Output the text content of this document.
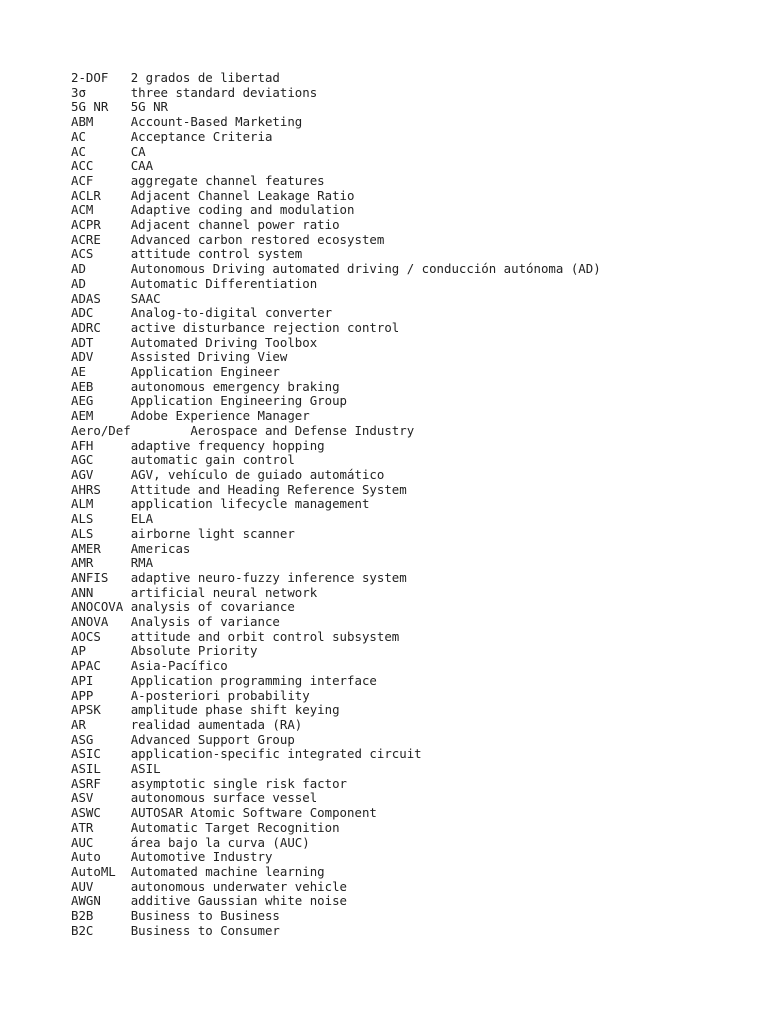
2-DOF	2 grados de libertad

3σ	three standard deviations

5G NR	5G NR

ABM	Account-Based Marketing

AC	Acceptance Criteria

AC	CA

ACC	CAA

ACF	aggregate channel features

ACLR	Adjacent Channel Leakage Ratio

ACM	Adaptive coding and modulation

ACPR	Adjacent channel power ratio

ACRE	Advanced carbon restored ecosystem

ACS	attitude control system

AD	Autonomous Driving automated driving / conducción autónoma (AD)

AD	Automatic Differentiation

ADAS	SAAC

ADC	Analog-to-digital converter

ADRC	active disturbance rejection control

ADT	Automated Driving Toolbox

ADV	Assisted Driving View

AE	Application Engineer

AEB	autonomous emergency braking

AEG	Application Engineering Group

AEM	Adobe Experience Manager

Aero/Def	Aerospace and Defense Industry

AFH	adaptive frequency hopping

AGC	automatic gain control

AGV	AGV, vehículo de guiado automático

AHRS	Attitude and Heading Reference System

ALM	application lifecycle management

ALS	ELA

ALS	airborne light scanner

AMER	Americas

AMR	RMA

ANFIS	adaptive neuro-fuzzy inference system

ANN	artificial neural network

ANOCOVA	analysis of covariance

ANOVA	Analysis of variance

AOCS	attitude and orbit control subsystem

AP	Absolute Priority

APAC	Asia-Pacífico

API	Application programming interface

APP	A-posteriori probability

APSK	amplitude phase shift keying

AR	realidad aumentada (RA)

ASG	Advanced Support Group

ASIC	application-specific integrated circuit

ASIL	ASIL

ASRF	asymptotic single risk factor

ASV	autonomous surface vessel

ASWC	AUTOSAR Atomic Software Component

ATR	Automatic Target Recognition

AUC	área bajo la curva (AUC)

Auto	Automotive Industry

AutoML	Automated machine learning

AUV	autonomous underwater vehicle

AWGN	additive Gaussian white noise

B2B	Business to Business

B2C	Business to Consumer
